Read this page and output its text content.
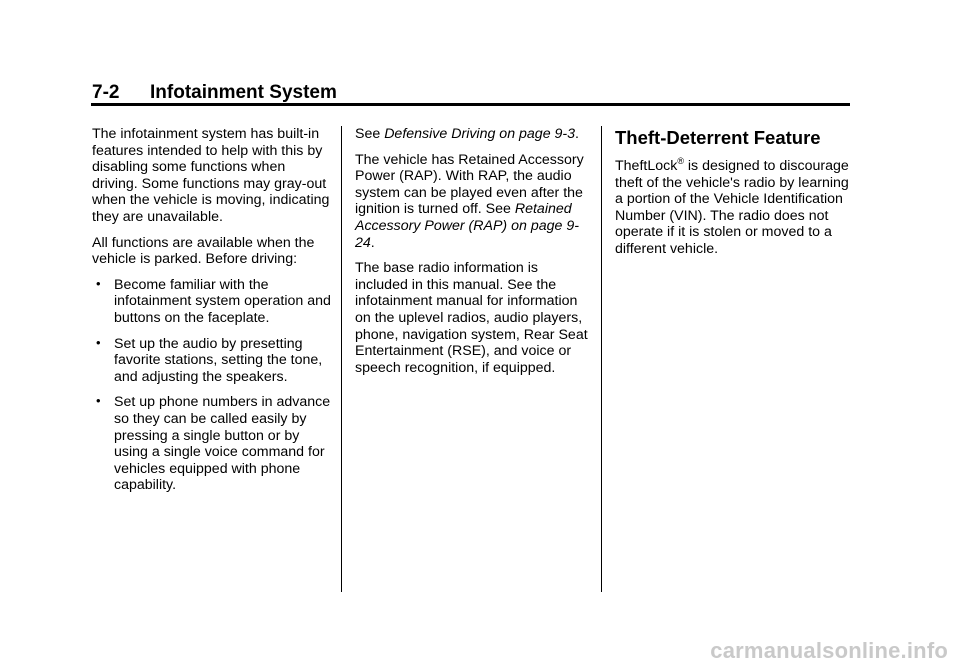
7-2 Infotainment System

The infotainment system has built-in features intended to help with this by disabling some functions when driving. Some functions may gray-out when the vehicle is moving, indicating they are unavailable.

All functions are available when the vehicle is parked. Before driving:

• Become familiar with the infotainment system operation and buttons on the faceplate.
• Set up the audio by presetting favorite stations, setting the tone, and adjusting the speakers.
• Set up phone numbers in advance so they can be called easily by pressing a single button or by using a single voice command for vehicles equipped with phone capability.

See Defensive Driving on page 9-3.

The vehicle has Retained Accessory Power (RAP). With RAP, the audio system can be played even after the ignition is turned off. See Retained Accessory Power (RAP) on page 9-24.

The base radio information is included in this manual. See the infotainment manual for information on the uplevel radios, audio players, phone, navigation system, Rear Seat Entertainment (RSE), and voice or speech recognition, if equipped.

Theft-Deterrent Feature

TheftLock® is designed to discourage theft of the vehicle's radio by learning a portion of the Vehicle Identification Number (VIN). The radio does not operate if it is stolen or moved to a different vehicle.

carmanualsonline.info
